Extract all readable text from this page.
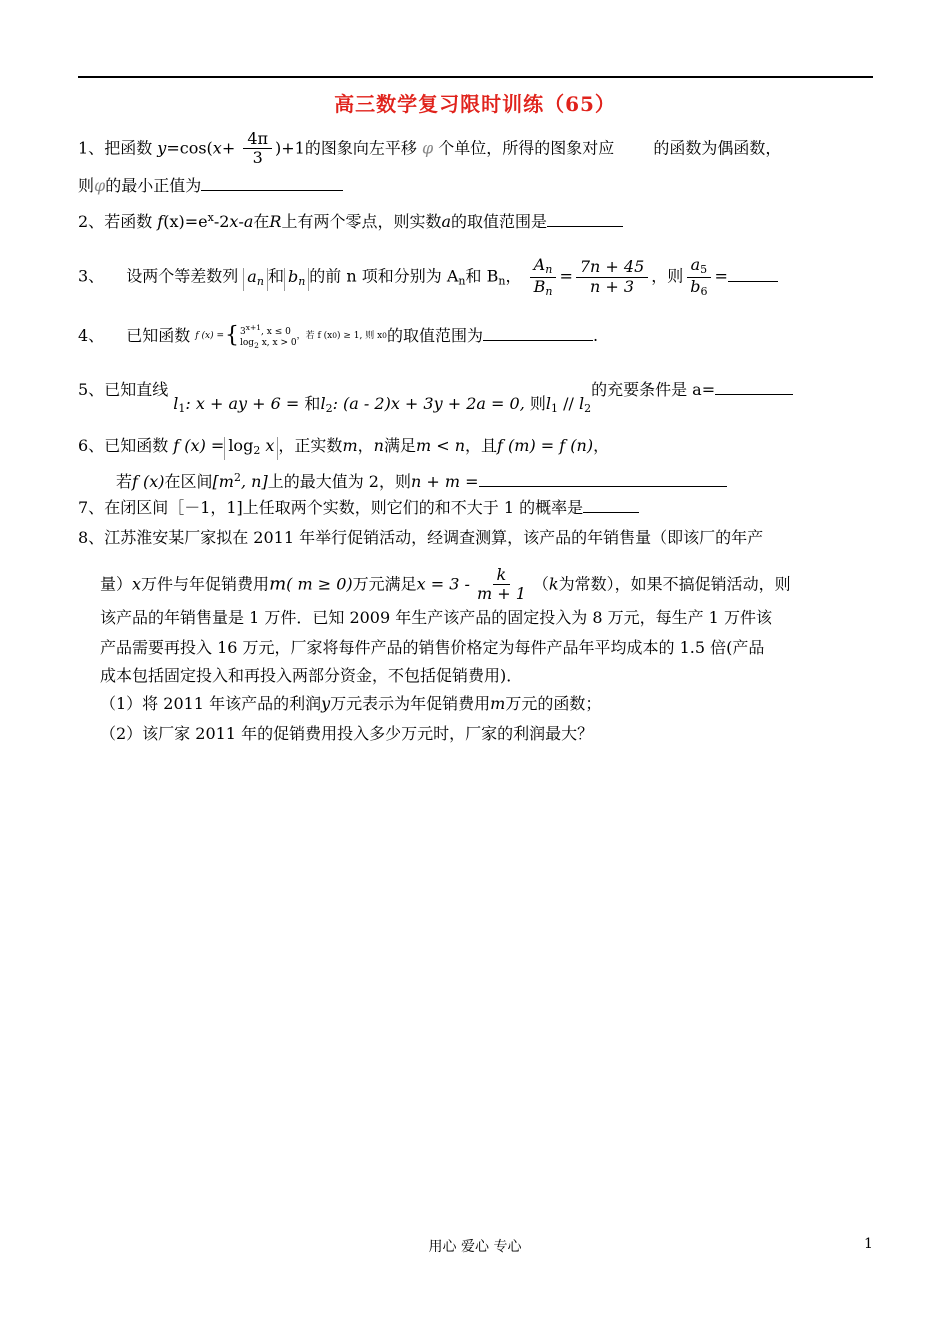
高三数学复习限时训练（65）
1、把函数 $y=\cos(x+ \frac{4\pi}{3} )+1$的图象向左平移 φ 个单位，所得的图象对应 的函数为偶函数，
则φ的最小正值为
2、若函数 $f(x)=e^x-2x-a$在R上有两个零点，则实数a的取值范围是
3、 设两个等差数列 $a_n$ 和 $b_n$ 的前 n 项和分别为 $A_n$和 $B_n$， $\frac{A_n}{B_n} = \frac{7n + 45}{n + 3}$ ，则 $\frac{a_5}{b_6}$ =
4、 已知函数 f (x) = { $3^{x+1}$, x ≤ 0
$\log_2 x$, x > 0
，若 f (x 0 ) ≥ 1, 则 x 0 的取值范围为	.
5、已知直线 $l_1$: x + ay + 6 = 和$l_2$: (a - 2)x + 3y + 2a = 0, 则$l_1 // l_2$的充要条件是 a=
6、已知函数 f $(x) = \log_2 x$ ，正实数m，n满足m < n，且f (m) = f (n)，
若f (x)在区间[$m^2$, n]上的最大值为 2，则n + m =
7、在闭区间［－1，1]上任取两个实数，则它们的和不大于 1 的概率是
8、江苏淮安某厂家拟在 2011 年举行促销活动，经调查测算，该产品的年销售量（即该厂的年产
量）x万件与年促销费用m( m ≥ 0)万元满足$x = 3 - \frac{k}{m + 1} (k$为常数），如果不搞促销活动，则
该产品的年销售量是 1 万件．已知 2009 年生产该产品的固定投入为 8 万元，每生产 1 万件该
产品需要再投入 16 万元，厂家将每件产品的销售价格定为每件产品年平均成本的 1.5 倍(产品
成本包括固定投入和再投入两部分资金，不包括促销费用)．
（1）将 2011 年该产品的利润y万元表示为年促销费用m万元的函数；
（2）该厂家 2011 年的促销费用投入多少万元时，厂家的利润最大？
用心 爱心 专心	1
